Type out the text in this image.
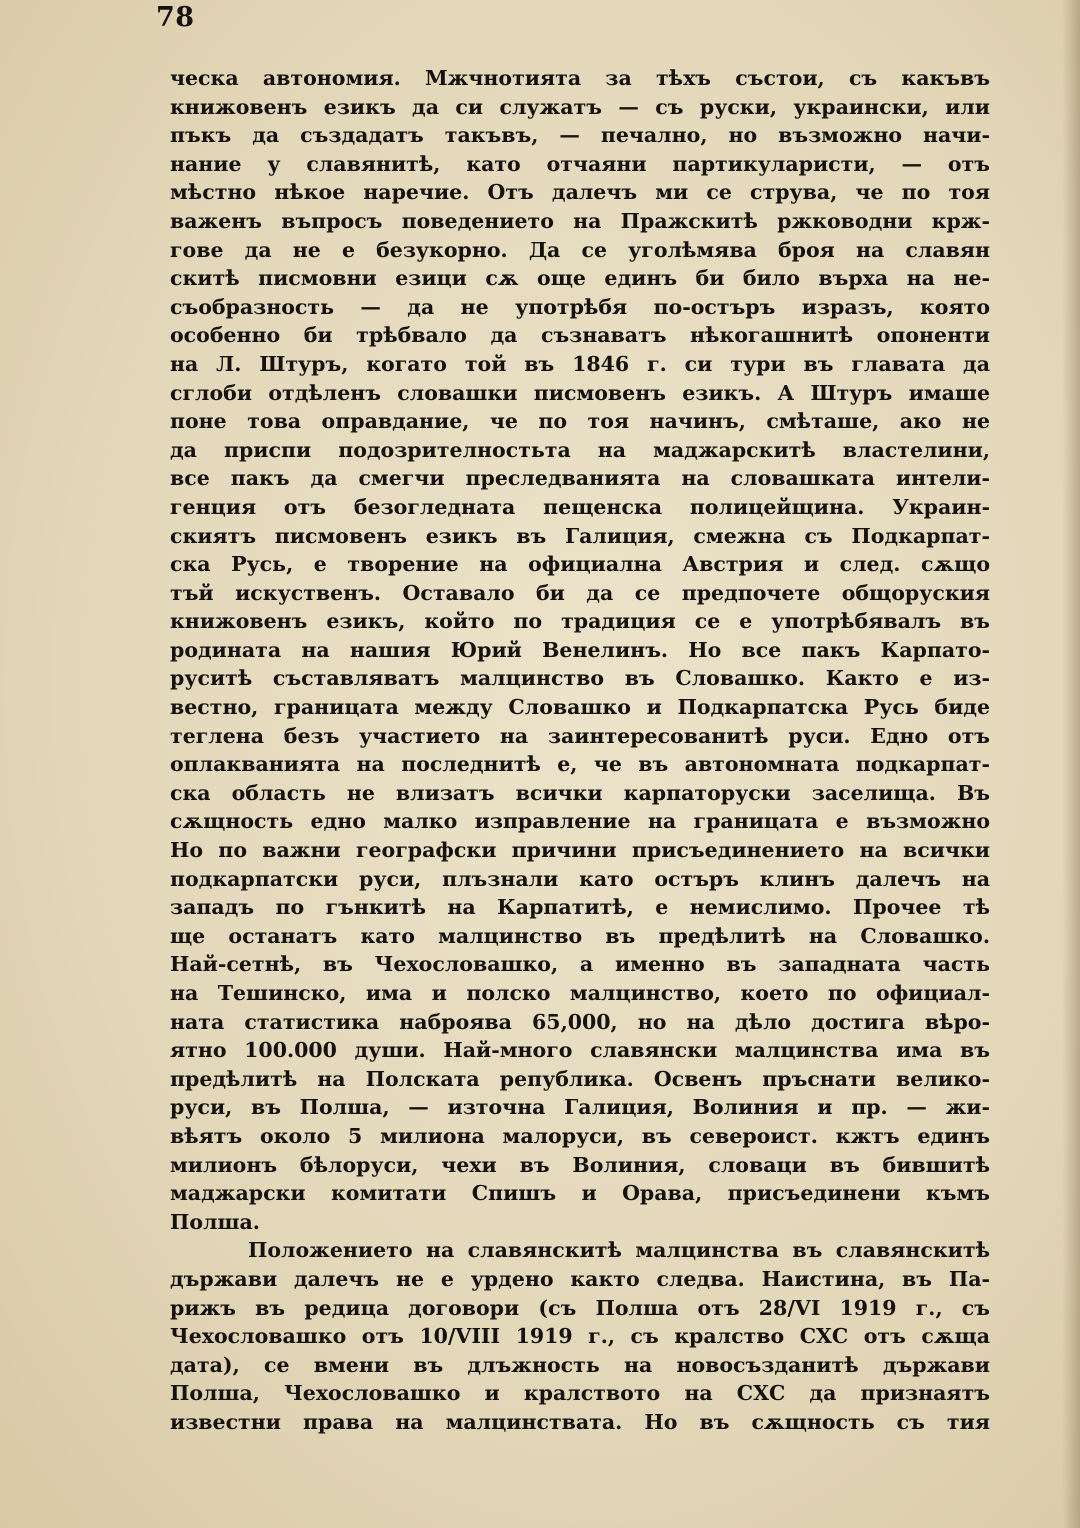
78
ческа автономия. Мжчнотията за тѣхъ състои, съ какъвъ
книжовенъ езикъ да си служатъ — съ руски, украински, или
пъкъ да създадатъ такъвъ, — печално, но възможно начи-
нание у славянитѣ, като отчаяни партикуларисти, — отъ
мѣстно нѣкое наречие. Отъ далечъ ми се струва, че по тоя
важенъ въпросъ поведението на Пражскитѣ ржководни крж-
гове да не е безукорно. Да се уголѣмява броя на славян
скитѣ писмовни езици сѫ още единъ би било върха на не-
съобразность — да не употрѣбя по-остъръ изразъ, която
особенно би трѣбвало да съзнаватъ нѣкогашнитѣ опоненти
на Л. Штуръ, когато той въ 1846 г. си тури въ главата да
сглоби отдѣленъ словашки писмовенъ езикъ. А Штуръ имаше
поне това оправдание, че по тоя начинъ, смѣташе, ако не
да приспи подозрителностьта на маджарскитѣ властелини,
все пакъ да смегчи преследванията на словашката интели-
генция отъ безогледната пещенска полицейщина. Украин-
скиятъ писмовенъ езикъ въ Галиция, смежна съ Подкарпат-
ска Русь, е творение на официална Австрия и след. сѫщо
тъй искуственъ. Оставало би да се предпочете общоруския
книжовенъ езикъ, който по традиция се е употрѣбявалъ въ
родината на нашия Юрий Венелинъ. Но все пакъ Карпато-
руситѣ съставляватъ малцинство въ Словашко. Както е из-
вестно, границата между Словашко и Подкарпатска Русь биде
теглена безъ участието на заинтересованитѣ руси. Едно отъ
оплакванията на последнитѣ е, че въ автономната подкарпат-
ска область не влизатъ всички карпаторуски заселища. Въ
сѫщность едно малко изправление на границата е възможно
Но по важни географски причини присъединението на всички
подкарпатски руси, плъзнали като остъръ клинъ далечъ на
западъ по гънкитѣ на Карпатитѣ, е немислимо. Прочее тѣ
ще останатъ като малцинство въ предѣлитѣ на Словашко.
Най-сетнѣ, въ Чехословашко, а именно въ западната часть
на Тешинско, има и полско малцинство, което по официал-
ната статистика наброява 65,000, но на дѣло достига вѣро-
ятно 100.000 души. Най-много славянски малцинства има въ
предѣлитѣ на Полската република. Освенъ пръснати велико-
руси, въ Полша, — източна Галиция, Волиния и пр. — жи-
вѣятъ около 5 милиона малоруси, въ североист. кжтъ единъ
милионъ бѣлоруси, чехи въ Волиния, словаци въ бившитѣ
маджарски комитати Спишъ и Орава, присъединени къмъ
Полша.
Положението на славянскитѣ малцинства въ славянскитѣ
държави далечъ не е урдено както следва. Наистина, въ Па-
рижъ въ редица договори (съ Полша отъ 28/VI 1919 г., съ
Чехословашко отъ 10/VIII 1919 г., съ кралство СХС отъ сѫща
дата), се вмени въ длъжность на новосъзданитѣ държави
Полша, Чехословашко и кралството на СХС да признаятъ
известни права на малцинствата. Но въ сѫщность съ тия
